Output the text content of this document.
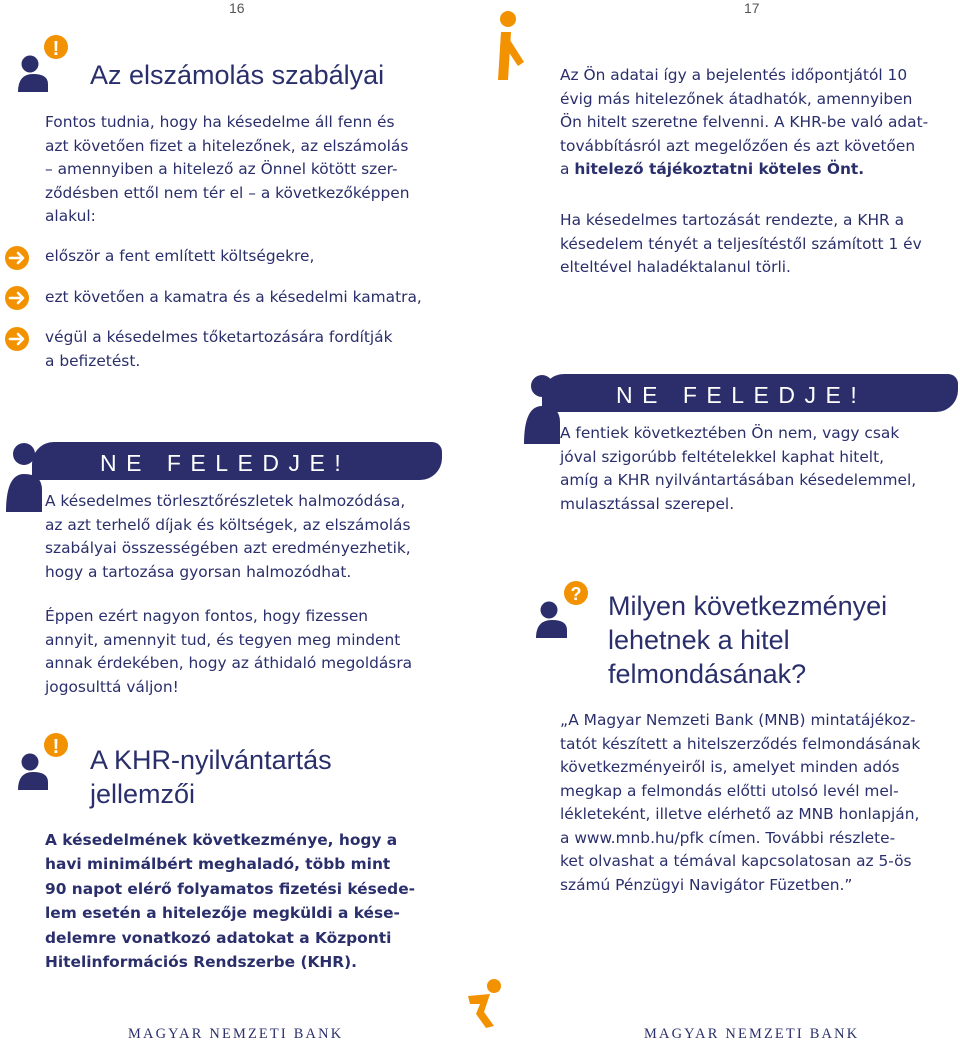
16
!
Az elszámolás szabályai
Fontos tudnia, hogy ha késedelme áll fenn és
azt követően fizet a hitelezőnek, az elszámolás
– amennyiben a hitelező az Önnel kötött szer-
ződésben ettől nem tér el – a következőképpen
alakul:
először a fent említett költségekre,
ezt követően a kamatra és a késedelmi kamatra,
végül a késedelmes tőketartozására fordítják
a befizetést.
NE FELEDJE!
A késedelmes törlesztőrészletek halmozódása,
az azt terhelő díjak és költségek, az elszámolás
szabályai összességében azt eredményezhetik,
hogy a tartozása gyorsan halmozódhat.
Éppen ezért nagyon fontos, hogy fizessen
annyit, amennyit tud, és tegyen meg mindent
annak érdekében, hogy az áthidaló megoldásra
jogosulttá váljon!
! A KHR-nyilvántartás
jellemzői
A késedelmének következménye, hogy a
havi minimálbért meghaladó, több mint
90 napot elérő folyamatos fizetési késede-
lem esetén a hitelezője megküldi a kése-
delemre vonatkozó adatokat a Központi
Hitelinformációs Rendszerbe (KHR).
MAGYAR NEMZETI BANK
17
Az Ön adatai így a bejelentés időpontjától 10
évig más hitelezőnek átadhatók, amennyiben
Ön hitelt szeretne felvenni. A KHR-be való adat-
továbbításról azt megelőzően és azt követően
a hitelező tájékoztatni köteles Önt.
Ha késedelmes tartozását rendezte, a KHR a
késedelem tényét a teljesítéstől számított 1 év
elteltével haladéktalanul törli.
NE FELEDJE!
A fentiek következtében Ön nem, vagy csak
jóval szigorúbb feltételekkel kaphat hitelt,
amíg a KHR nyilvántartásában késedelemmel,
mulasztással szerepel.
? Milyen következményei
lehetnek a hitel
felmondásának?
„A Magyar Nemzeti Bank (MNB) mintatájékoz-
tatót készített a hitelszerződés felmondásának
következményeiről is, amelyet minden adós
megkap a felmondás előtti utolsó levél mel-
lékleteként, illetve elérhető az MNB honlapján,
a www.mnb.hu/pfk címen. További részlete-
ket olvashat a témával kapcsolatosan az 5-ös
számú Pénzügyi Navigátor Füzetben.”
MAGYAR NEMZETI BANK
